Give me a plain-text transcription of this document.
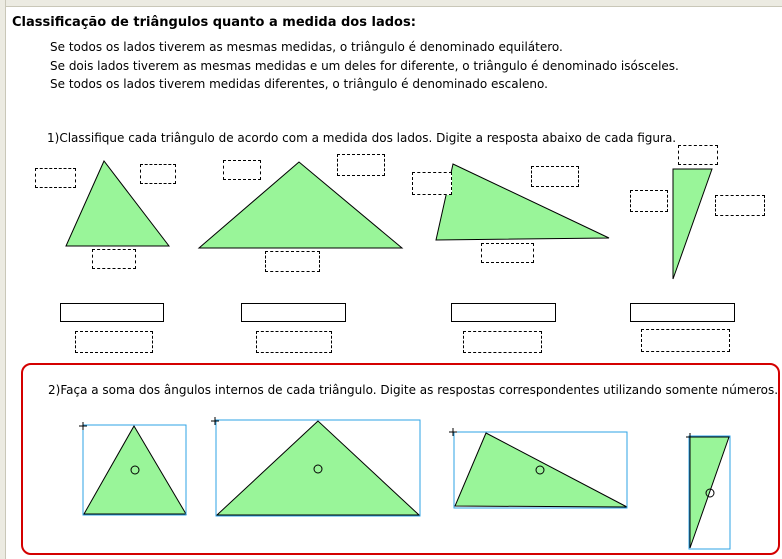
Classificação de triângulos quanto a medida dos lados:
Se todos os lados tiverem as mesmas medidas, o triângulo é denominado equilátero.
Se dois lados tiverem as mesmas medidas e um deles for diferente, o triângulo é denominado isósceles.
Se todos os lados tiverem medidas diferentes, o triângulo é denominado escaleno.
1)Classifique cada triângulo de acordo com a medida dos lados. Digite a resposta abaixo de cada figura.
2)Faça a soma dos ângulos internos de cada triângulo. Digite as respostas correspondentes utilizando somente números.
